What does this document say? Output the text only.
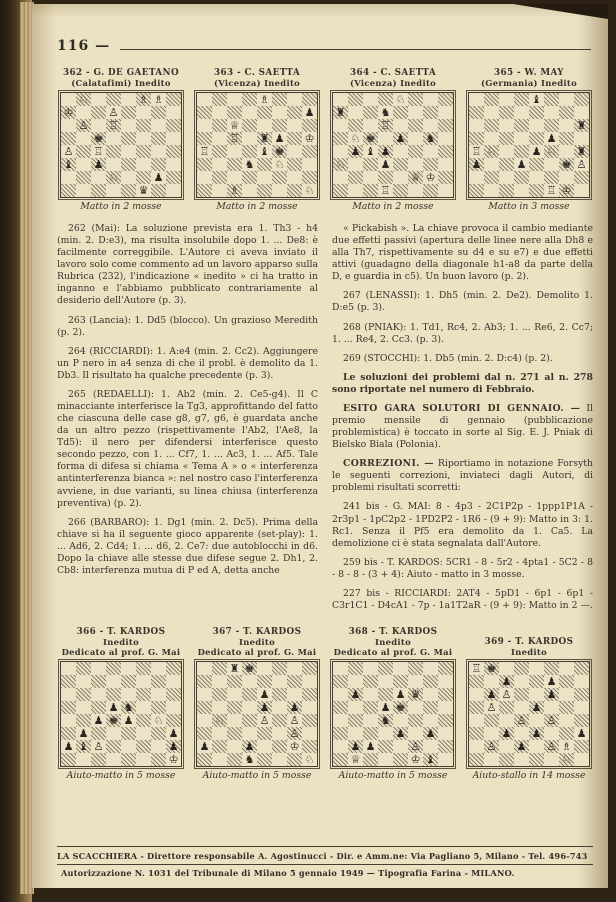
116 —
362 - G. DE GAETANO
(Calatafimi) Inedito
♘︎	♗︎ ♗︎
♔︎	♙︎
♙︎ ♖︎
♚︎
♙︎ ♖︎
♝︎ ♟︎
♘︎	♟︎
♛︎
Matto in 2 mosse
363 - C. SAETTA
(Vicenza) Inedito
♗︎
♟︎
♕︎
♖︎ ♜︎ ♟︎ ♔︎
♖︎	♝︎ ♚︎
♞︎ ♘︎
♗︎	♘︎
Matto in 2 mosse
364 - C. SAETTA
(Vicenza) Inedito
♘︎
♜︎	♞︎
♖︎
♘︎ ♚︎ ♟︎ ♞︎
♟︎ ♝︎ ♟︎
♘︎	♟︎
♕︎ ♔︎
♖︎
Matto in 2 mosse
365 - W. MAY
(Germania) Inedito
♝︎
♜︎
♟︎
♖︎ ♘︎	♟︎ ♘︎ ♜︎
♟︎	♟︎	♚︎ ♙︎
♖︎ ♔︎
Matto in 3 mosse

262 (Mai): La soluzione prevista era 1. Th3 - h4 (min. 2. D:e3), ma risulta insolubile dopo 1. ... De8: è facilmente correggibile. L'Autore ci aveva inviato il lavoro solo come commento ad un lavoro apparso sulla Rubrica (232), l'indicazione « inedito » ci ha tratto in inganno e l'abbiamo pubblicato contrariamente al desiderio dell'Autore (p. 3).

263 (Lancia): 1. Dd5 (blocco). Un grazioso Meredith (p. 2).

264 (RICCIARDI): 1. A:e4 (min. 2. Cc2). Aggiungere un P nero in a4 senza di che il probl. è demolito da 1. Db3. Il risultato ha qualche precedente (p. 3).

265 (REDAELLI): 1. Ab2 (min. 2. Ce5-g4). Il C minacciante interferisce la Tg3, approfittando del fatto che ciascuna delle case g8, g7, g6, è guardata anche da un altro pezzo (rispettivamente l'Ab2, l'Ae8, la Td5): il nero per difendersi interferisce questo secondo pezzo, con 1. ... Cf7, 1. ... Ac3, 1. ... Af5. Tale forma di difesa si chiama « Tema A » o « interferenza antinterferenza bianca »: nel nostro caso l'interferenza avviene, in due varianti, su linea chiusa (interferenza preventiva) (p. 2).

266 (BARBARO): 1. Dg1 (min. 2. Dc5). Prima della chiave si ha il seguente gioco apparente (set-play): 1. ... Ad6, 2. Cd4; 1. ... d6, 2. Ce7: due autoblocchi in d6. Dopo la chiave alle stesse due difese segue 2. Dh1, 2. Cb8: interferenza mutua di P ed A, detta anche

« Pickabish ». La chiave provoca il cambio mediante due effetti passivi (apertura delle linee nere alla Dh8 e alla Th7, rispettivamente su d4 e su e7) e due effetti attivi (guadagno della diagonale h1-a8 da parte della D, e guardia in c5). Un buon lavoro (p. 2).

267 (LENASSI): 1. Dh5 (min. 2. De2). Demolito 1. D:e5 (p. 3).

268 (PNIAK): 1. Td1, Rc4, 2. Ab3; 1. ... Re6, 2. Cc7; 1. ... Re4, 2. Cc3. (p. 3).

269 (STOCCHI): 1. Db5 (min. 2. D:c4) (p. 2).

Le soluzioni dei problemi dal n. 271 al n. 278 sono riportate nel numero di Febbraio.

ESITO GARA SOLUTORI DI GENNAIO. — Il premio mensile di gennaio (pubblicazione problemistica) è toccato in sorte al Sig. E. J. Pniak di Bielsko Biala (Polonia).

CORREZIONI. — Riportiamo in notazione Forsyth le seguenti correzioni, inviateci dagli Autori, di problemi risultati scorretti:

241 bis - G. MAI: 8 - 4p3 - 2C1P2p - 1ppp1P1A - 2r3p1 - 1pC2p2 - 1PD2P2 - 1R6 - (9 + 9): Matto in 3: 1. Rc1. Senza il Pf5 era demolito da 1. Ca5. La demolizione ci è stata segnalata dall'Autore.

259 bis - T. KARDOS: 5CR1 - 8 - 5r2 - 4pta1 - 5C2 - 8 - 8 - 8 - (3 + 4): Aiuto - matto in 3 mosse.

227 bis - RICCIARDI: 2AT4 - 5pD1 - 6p1 - 6p1 - C3r1C1 - D4cA1 - 7p - 1a1T2aR - (9 + 9): Matto in 2 —.

366 - T. KARDOS
Inedito
Dedicato al prof. G. Mai
♟︎ ♞︎
♟︎ ♚︎ ♟︎ ♘︎
♟︎	♟︎
♟︎ ♝︎ ♙︎	♟︎
♔︎
Aiuto-matto in 5 mosse
367 - T. KARDOS
Inedito
Dedicato al prof. G. Mai
♜︎ ♚︎
♟︎
♟︎ ♟︎
♘︎	♙︎ ♙︎
♙︎
♟︎	♟︎	♔︎
♞︎	♘︎
Aiuto-matto in 5 mosse
368 - T. KARDOS
Inedito
Dedicato al prof. G. Mai
♟︎	♟︎ ♛︎
♟︎ ♚︎
♞︎
♟︎ ♟︎
♟︎ ♟︎	♙︎
♕︎	♔︎ ♝︎
Aiuto-matto in 5 mosse
369 - T. KARDOS
Inedito
♖︎ ♚︎
♟︎	♟︎
♟︎ ♙︎	♟︎
♙︎	♟︎
♙︎ ♙︎
♟︎ ♟︎	♟︎
♙︎ ♟︎ ♙︎ ♗︎
♘︎
Aiuto-stallo in 14 mosse
LA SCACCHIERA - Direttore responsabile A. Agostinucci - Dir. e Amm.ne: Via Pagliano 5, Milano - Tel. 496-743
Autorizzazione N. 1031 del Tribunale di Milano 5 gennaio 1949 — Tipografia Farina - MILANO.
